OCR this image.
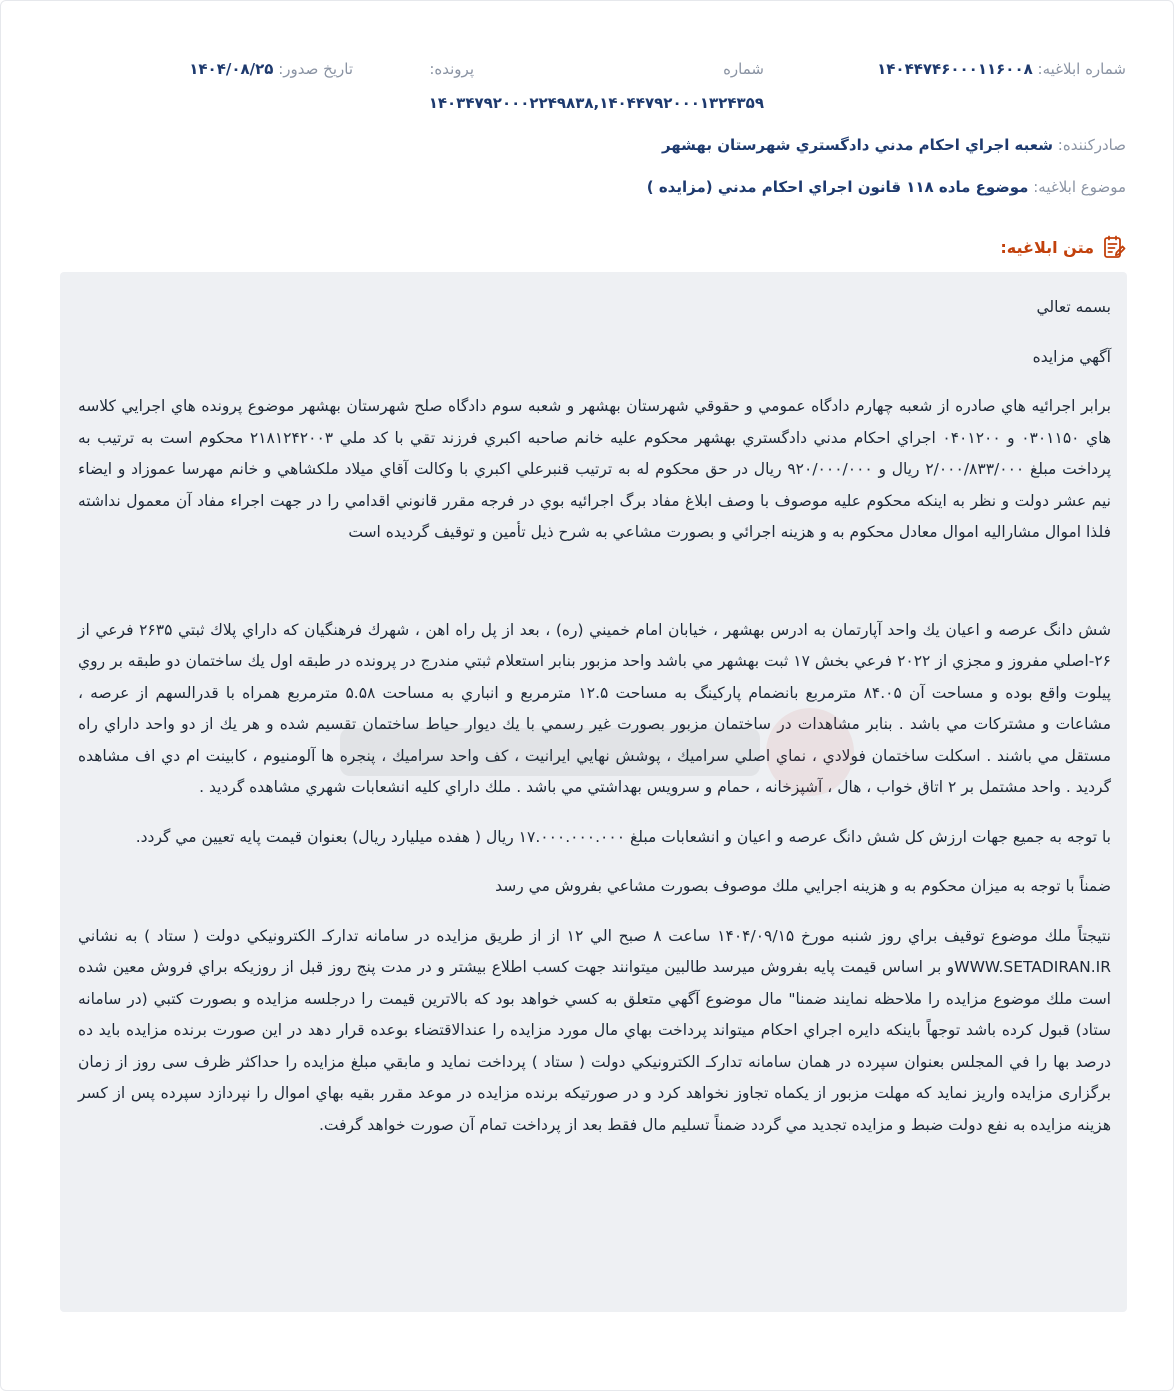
شماره ابلاغیه: ۱۴۰۴۴۷۴۶۰۰۰۱۱۶۰۰۸
شماره
پرونده:
تاریخ صدور: ۱۴۰۴/۰۸/۲۵
۱۴۰۳۴۷۹۲۰۰۰۲۲۴۹۸۳۸,۱۴۰۴۴۷۹۲۰۰۰۱۳۲۴۳۵۹
صادرکننده: شعبه اجراي احكام مدني دادگستري شهرستان بهشهر
موضوع ابلاغیه: موضوع ماده ۱۱۸ قانون اجراي احكام مدني (مزايده )
متن ابلاغیه:

بسمه تعالي

آگهي مزايده

برابر اجرائيه هاي صادره از شعبه چهارم دادگاه عمومي و حقوقي شهرستان بهشهر و شعبه سوم دادگاه صلح شهرستان بهشهر موضوع پرونده هاي اجرايي كلاسه هاي ۰۳۰۱۱۵۰ و ۰۴۰۱۲۰۰ اجراي احكام مدني دادگستري بهشهر محكوم عليه خانم صاحبه اكبري فرزند تقي با كد ملي ۲۱۸۱۲۴۲۰۰۳ محكوم است به ترتيب به پرداخت مبلغ ۲/۰۰۰/۸۳۳/۰۰۰ ريال و ۹۲۰/۰۰۰/۰۰۰ ريال در حق محكوم له به ترتيب قنبرعلي اكبري با وكالت آقاي ميلاد ملكشاهي و خانم مهرسا عموزاد و ايضاء نيم عشر دولت و نظر به اينكه محكوم عليه موصوف با وصف ابلاغ مفاد برگ اجرائيه بوي در فرجه مقرر قانوني اقدامي را در جهت اجراء مفاد آن معمول نداشته فلذا اموال مشاراليه اموال معادل محكوم به و هزينه اجرائي و بصورت مشاعي به شرح ذيل تأمين و توقيف گرديده است

شش دانگ عرصه و اعيان يك واحد آپارتمان به ادرس بهشهر ، خيابان امام خميني (ره) ، بعد از پل راه اهن ، شهرك فرهنگيان كه داراي پلاك ثبتي ۲۶۳۵ فرعي از ۲۶-اصلي مفروز و مجزي از ۲۰۲۲ فرعي بخش ۱۷ ثبت بهشهر مي باشد واحد مزبور بنابر استعلام ثبتي مندرج در پرونده در طبقه اول يك ساختمان دو طبقه بر روي پيلوت واقع بوده و مساحت آن ۸۴.۰۵ مترمربع بانضمام پاركينگ به مساحت ۱۲.۵ مترمربع و انباري به مساحت ۵.۵۸ مترمربع همراه با قدرالسهم از عرصه ، مشاعات و مشتركات مي باشد . بنابر مشاهدات در ساختمان مزبور بصورت غير رسمي با يك ديوار حياط ساختمان تقسيم شده و هر يك از دو واحد داراي راه مستقل مي باشند . اسكلت ساختمان فولادي ، نماي اصلي سراميك ، پوشش نهايي ايرانيت ، كف واحد سراميك ، پنجره ها آلومنيوم ، كابينت ام دي اف مشاهده گرديد . واحد مشتمل بر ۲ اتاق خواب ، هال ، آشپزخانه ، حمام و سرويس بهداشتي مي باشد . ملك داراي كليه انشعابات شهري مشاهده گرديد .

با توجه به جميع جهات ارزش كل شش دانگ عرصه و اعيان و انشعابات مبلغ ۱۷.۰۰۰.۰۰۰.۰۰۰ ريال ( هفده ميليارد ريال) بعنوان قيمت پايه تعيين مي گردد.

ضمناً با توجه به ميزان محكوم به و هزينه اجرايي ملك موصوف بصورت مشاعي بفروش مي رسد

نتيجتاً ملك موضوع توقيف براي روز شنبه مورخ ۱۴۰۴/۰۹/۱۵ ساعت ۸ صبح الي ۱۲ از از طريق مزايده در سامانه تداركـ الكترونيكي دولت ( ستاد ) به نشاني WWW.SETADIRAN.IRو بر اساس قيمت پايه بفروش ميرسد طالبين ميتوانند جهت كسب اطلاع بيشتر و در مدت پنج روز قبل از روزيكه براي فروش معين شده است ملك موضوع مزايده را ملاحظه نمايند ضمنا" مال موضوع آگهي متعلق به كسي خواهد بود كه بالاترين قيمت را درجلسه مزايده و بصورت كتبي (در سامانه ستاد) قبول كرده باشد توجهاً باينكه دايره اجراي احكام ميتواند پرداخت بهاي مال مورد مزايده را عندالاقتضاء بوعده قرار دهد در اين صورت برنده مزايده بايد ده درصد بها را في المجلس بعنوان سپرده در همان سامانه تداركـ الكترونيكي دولت ( ستاد ) پرداخت نمايد و مابقي مبلغ مزايده را حداكثر ظرف سی روز از زمان برگزاری مزايده واريز نمايد كه مهلت مزبور از يكماه تجاوز نخواهد كرد و در صورتيكه برنده مزايده در موعد مقرر بقيه بهاي اموال را نپردازد سپرده پس از كسر هزينه مزايده به نفع دولت ضبط و مزايده تجديد مي گردد ضمناً تسليم مال فقط بعد از پرداخت تمام آن صورت خواهد گرفت.
